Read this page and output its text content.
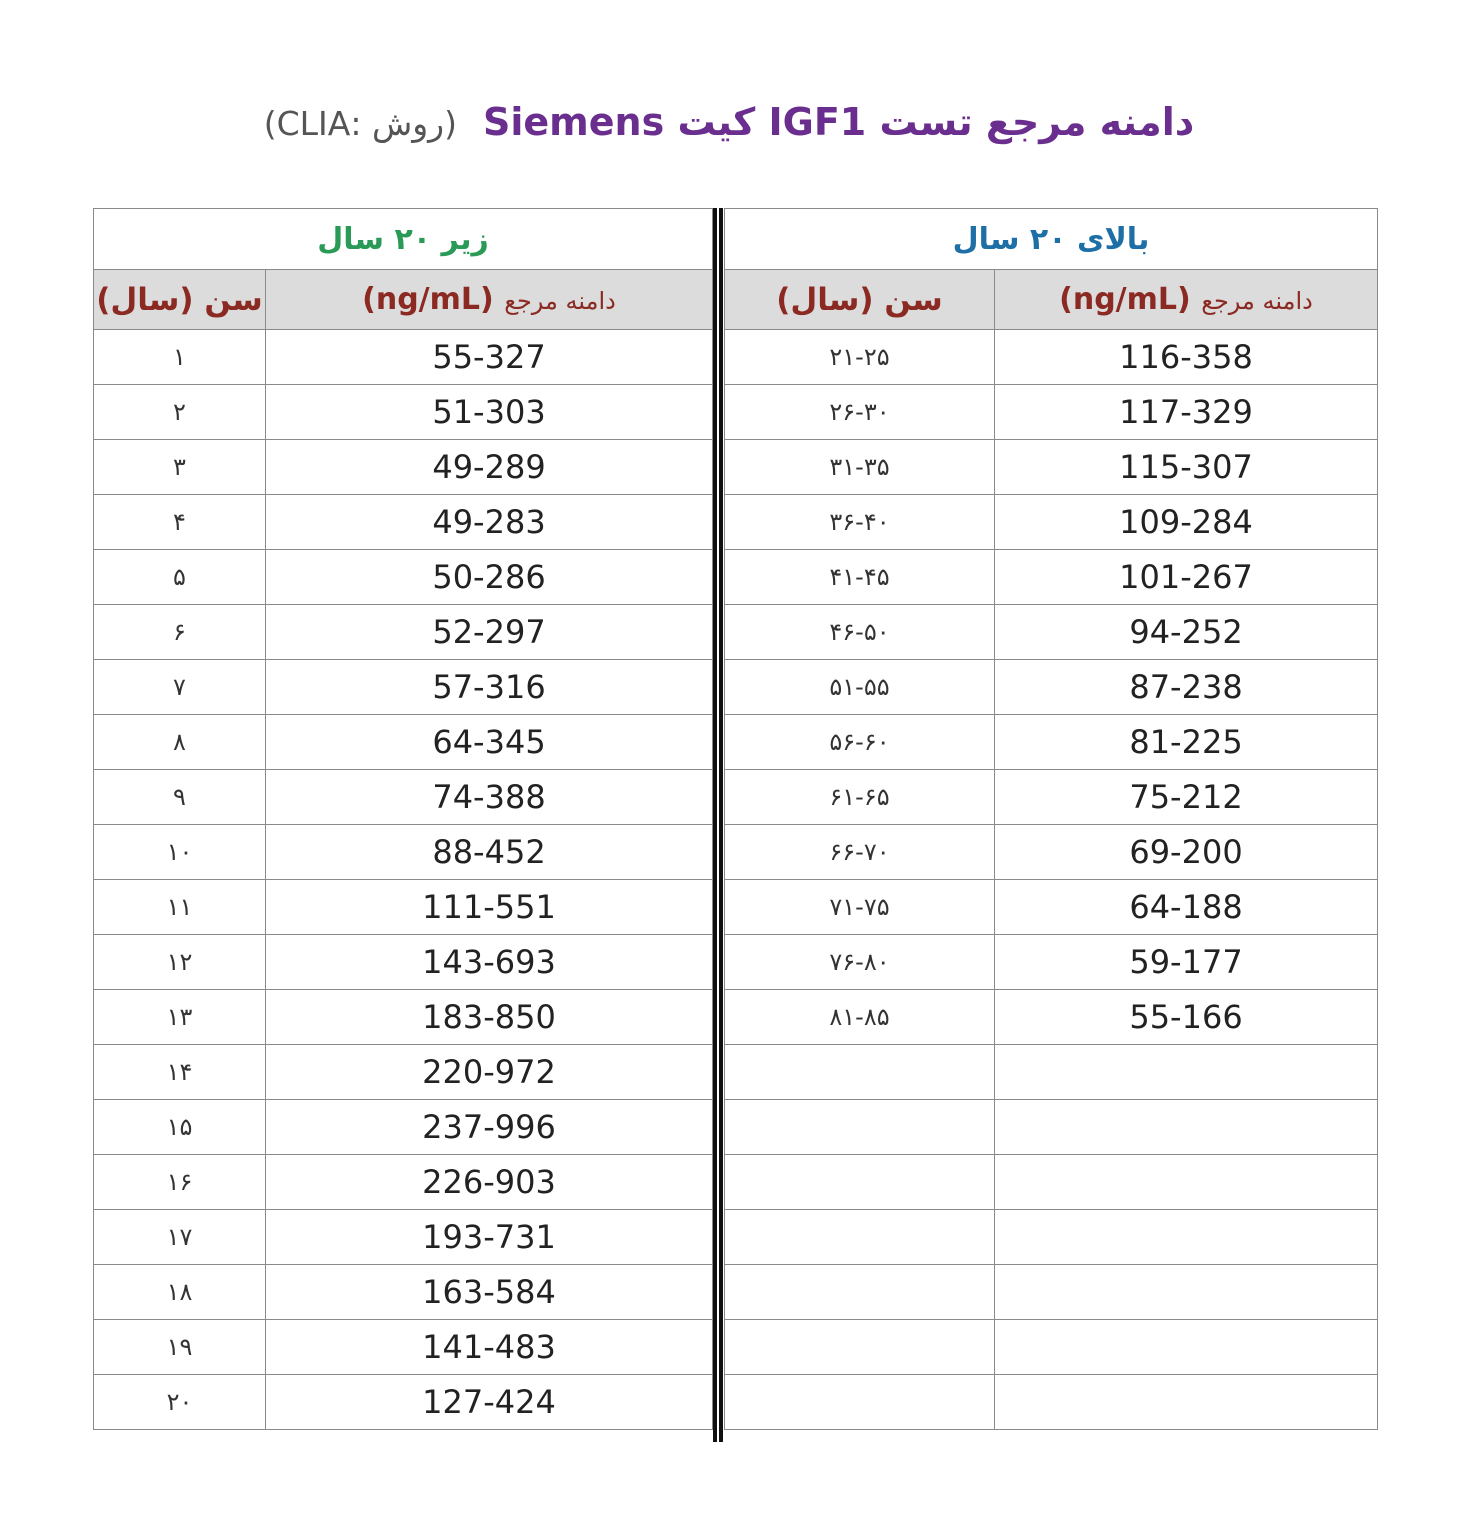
دامنه مرجع تست IGF1 کیت Siemens(روش :CLIA)
زیر ۲۰ سال	
سن (سال)	دامنه مرجع (ng/mL)
۱	55-327
۲	51-303
۳	49-289
۴	49-283
۵	50-286
۶	52-297
۷	57-316
۸	64-345
۹	74-388
۱۰	88-452
۱۱	111-551
۱۲	143-693
۱۳	183-850
۱۴	220-972
۱۵	237-996
۱۶	226-903
۱۷	193-731
۱۸	163-584
۱۹	141-483
۲۰	127-424
بالای ۲۰ سال	
سن (سال)	دامنه مرجع (ng/mL)
۲۱-۲۵	116-358
۲۶-۳۰	117-329
۳۱-۳۵	115-307
۳۶-۴۰	109-284
۴۱-۴۵	101-267
۴۶-۵۰	94-252
۵۱-۵۵	87-238
۵۶-۶۰	81-225
۶۱-۶۵	75-212
۶۶-۷۰	69-200
۷۱-۷۵	64-188
۷۶-۸۰	59-177
۸۱-۸۵	55-166
